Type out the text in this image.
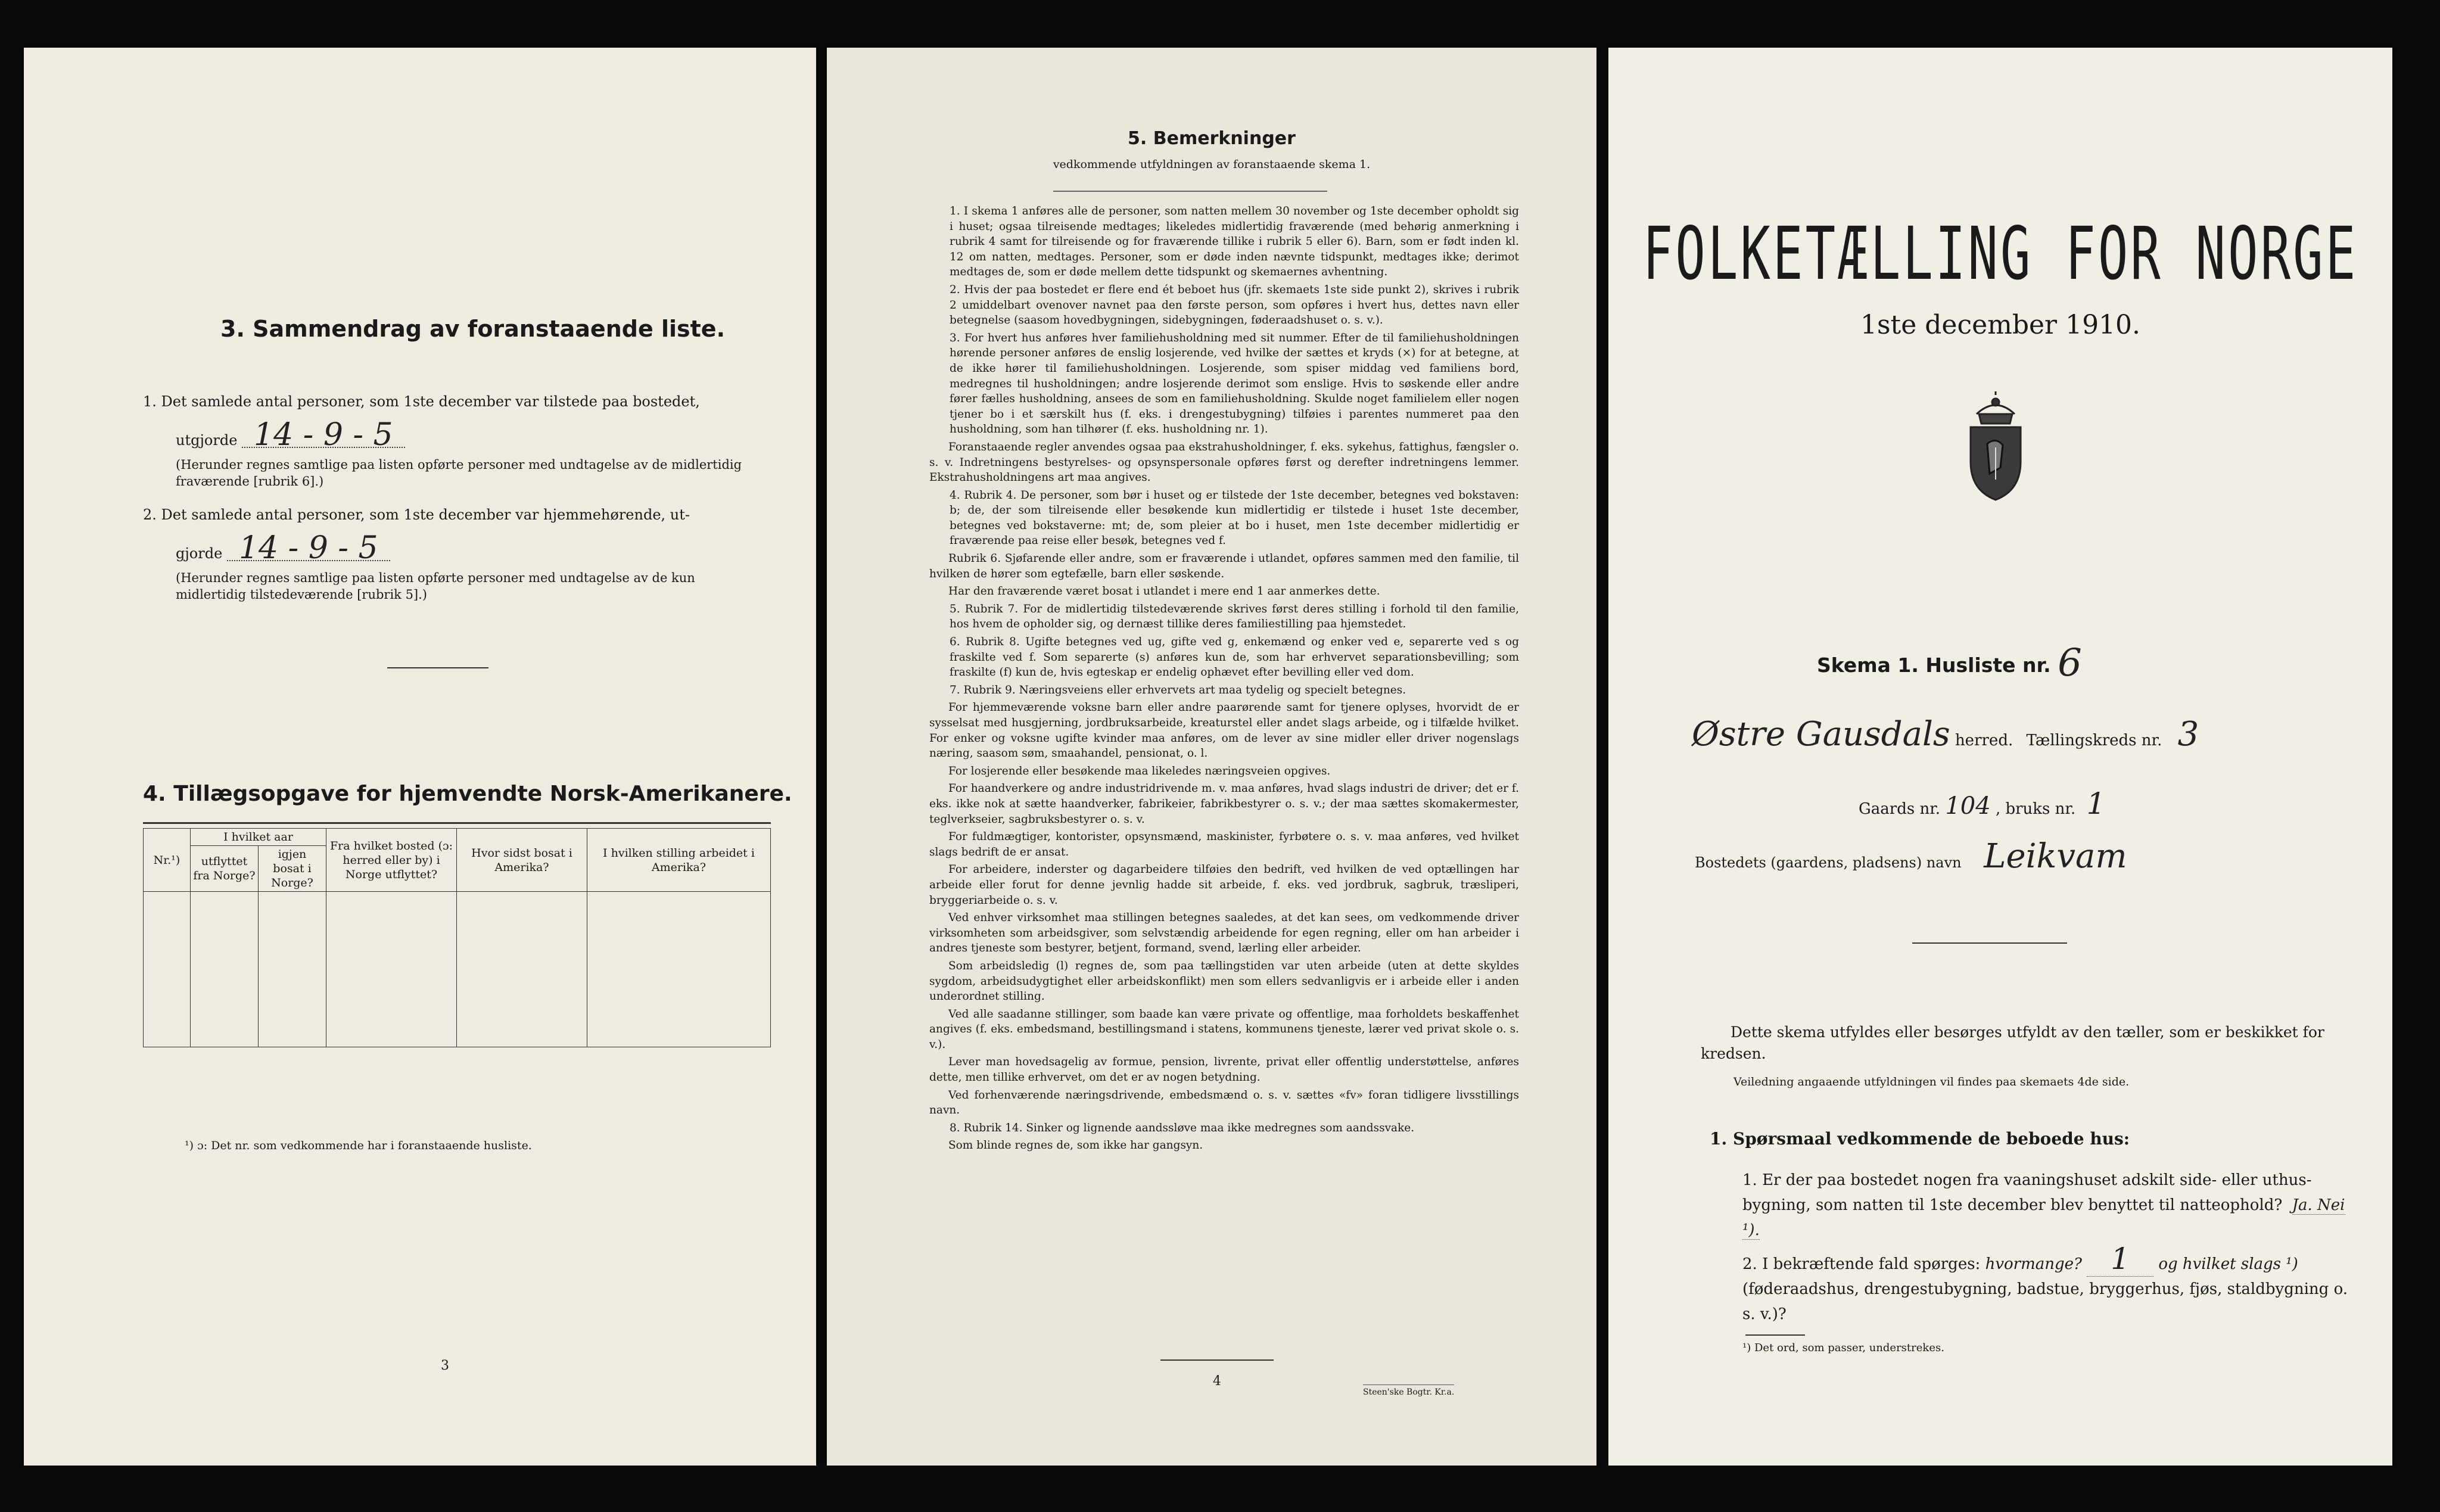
3. Sammendrag av foranstaaende liste.
1. Det samlede antal personer, som 1ste december var tilstede paa bostedet,
utgjorde 14 - 9 - 5
(Herunder regnes samtlige paa listen opførte personer med undtagelse av de midlertidig fraværende [rubrik 6].)
2. Det samlede antal personer, som 1ste december var hjemmehørende, ut-
gjorde 14 - 9 - 5
(Herunder regnes samtlige paa listen opførte personer med undtagelse av de kun midlertidig tilstedeværende [rubrik 5].)
4. Tillægsopgave for hjemvendte Norsk-Amerikanere.
Nr.¹)	I hvilket aar		Fra hvilket bosted (ɔ: herred eller by) i Norge utflyttet?	Hvor sidst bosat i Amerika?	I hvilken stilling arbeidet i Amerika?
	utflyttet fra Norge?	igjen bosat i Norge?			

¹) ɔ: Det nr. som vedkommende har i foranstaaende husliste.
3
5. Bemerkninger
vedkommende utfyldningen av foranstaaende skema 1.

1. I skema 1 anføres alle de personer, som natten mellem 30 november og 1ste december opholdt sig i huset; ogsaa tilreisende medtages; likeledes midlertidig fraværende (med behørig anmerkning i rubrik 4 samt for tilreisende og for fraværende tillike i rubrik 5 eller 6). Barn, som er født inden kl. 12 om natten, medtages. Personer, som er døde inden nævnte tidspunkt, medtages ikke; derimot medtages de, som er døde mellem dette tidspunkt og skemaernes avhentning.

2. Hvis der paa bostedet er flere end ét beboet hus (jfr. skemaets 1ste side punkt 2), skrives i rubrik 2 umiddelbart ovenover navnet paa den første person, som opføres i hvert hus, dettes navn eller betegnelse (saasom hovedbygningen, sidebygningen, føderaadshuset o. s. v.).

3. For hvert hus anføres hver familiehusholdning med sit nummer. Efter de til familiehusholdningen hørende personer anføres de enslig losjerende, ved hvilke der sættes et kryds (×) for at betegne, at de ikke hører til familiehusholdningen. Losjerende, som spiser middag ved familiens bord, medregnes til husholdningen; andre losjerende derimot som enslige. Hvis to søskende eller andre fører fælles husholdning, ansees de som en familiehusholdning. Skulde noget familielem eller nogen tjener bo i et særskilt hus (f. eks. i drengestubygning) tilføies i parentes nummeret paa den husholdning, som han tilhører (f. eks. husholdning nr. 1).

Foranstaaende regler anvendes ogsaa paa ekstrahusholdninger, f. eks. sykehus, fattighus, fængsler o. s. v. Indretningens bestyrelses- og opsynspersonale opføres først og derefter indretningens lemmer. Ekstrahusholdningens art maa angives.

4. Rubrik 4. De personer, som bør i huset og er tilstede der 1ste december, betegnes ved bokstaven: b; de, der som tilreisende eller besøkende kun midlertidig er tilstede i huset 1ste december, betegnes ved bokstaverne: mt; de, som pleier at bo i huset, men 1ste december midlertidig er fraværende paa reise eller besøk, betegnes ved f.

Rubrik 6. Sjøfarende eller andre, som er fraværende i utlandet, opføres sammen med den familie, til hvilken de hører som egtefælle, barn eller søskende.

Har den fraværende været bosat i utlandet i mere end 1 aar anmerkes dette.

5. Rubrik 7. For de midlertidig tilstedeværende skrives først deres stilling i forhold til den familie, hos hvem de opholder sig, og dernæst tillike deres familiestilling paa hjemstedet.

6. Rubrik 8. Ugifte betegnes ved ug, gifte ved g, enkemænd og enker ved e, separerte ved s og fraskilte ved f. Som separerte (s) anføres kun de, som har erhvervet separationsbevilling; som fraskilte (f) kun de, hvis egteskap er endelig ophævet efter bevilling eller ved dom.

7. Rubrik 9. Næringsveiens eller erhvervets art maa tydelig og specielt betegnes.

For hjemmeværende voksne barn eller andre paarørende samt for tjenere oplyses, hvorvidt de er sysselsat med husgjerning, jordbruksarbeide, kreaturstel eller andet slags arbeide, og i tilfælde hvilket. For enker og voksne ugifte kvinder maa anføres, om de lever av sine midler eller driver nogenslags næring, saasom søm, smaahandel, pensionat, o. l.

For losjerende eller besøkende maa likeledes næringsveien opgives.

For haandverkere og andre industridrivende m. v. maa anføres, hvad slags industri de driver; det er f. eks. ikke nok at sætte haandverker, fabrikeier, fabrikbestyrer o. s. v.; der maa sættes skomakermester, teglverkseier, sagbruksbestyrer o. s. v.

For fuldmægtiger, kontorister, opsynsmænd, maskinister, fyrbøtere o. s. v. maa anføres, ved hvilket slags bedrift de er ansat.

For arbeidere, inderster og dagarbeidere tilføies den bedrift, ved hvilken de ved optællingen har arbeide eller forut for denne jevnlig hadde sit arbeide, f. eks. ved jordbruk, sagbruk, træsliperi, bryggeriarbeide o. s. v.

Ved enhver virksomhet maa stillingen betegnes saaledes, at det kan sees, om vedkommende driver virksomheten som arbeidsgiver, som selvstændig arbeidende for egen regning, eller om han arbeider i andres tjeneste som bestyrer, betjent, formand, svend, lærling eller arbeider.

Som arbeidsledig (l) regnes de, som paa tællingstiden var uten arbeide (uten at dette skyldes sygdom, arbeidsudygtighet eller arbeidskonflikt) men som ellers sedvanligvis er i arbeide eller i anden underordnet stilling.

Ved alle saadanne stillinger, som baade kan være private og offentlige, maa forholdets beskaffenhet angives (f. eks. embedsmand, bestillingsmand i statens, kommunens tjeneste, lærer ved privat skole o. s. v.).

Lever man hovedsagelig av formue, pension, livrente, privat eller offentlig understøttelse, anføres dette, men tillike erhvervet, om det er av nogen betydning.

Ved forhenværende næringsdrivende, embedsmænd o. s. v. sættes «fv» foran tidligere livsstillings navn.

8. Rubrik 14. Sinker og lignende aandssløve maa ikke medregnes som aandssvake.

Som blinde regnes de, som ikke har gangsyn.

4
Steen'ske Bogtr. Kr.a.
FOLKETÆLLING FOR NORGE
1ste december 1910.
Skema 1. Husliste nr. 6
Østre Gausdals herred. Tællingskreds nr. 3
Gaards nr. 104 , bruks nr. 1
Bostedets (gaardens, pladsens) navn Leikvam
Dette skema utfyldes eller besørges utfyldt av den tæller, som er beskikket for kredsen.
Veiledning angaaende utfyldningen vil findes paa skemaets 4de side.
1. Spørsmaal vedkommende de beboede hus:
1. Er der paa bostedet nogen fra vaaningshuset adskilt side- eller uthus-bygning, som natten til 1ste december blev benyttet til natteophold? Ja. Nei ¹).
2. I bekræftende fald spørges: hvormange? 1 og hvilket slags ¹) (føderaadshus, drengestubygning, badstue, bryggerhus, fjøs, staldbygning o. s. v.)?
¹) Det ord, som passer, understrekes.
